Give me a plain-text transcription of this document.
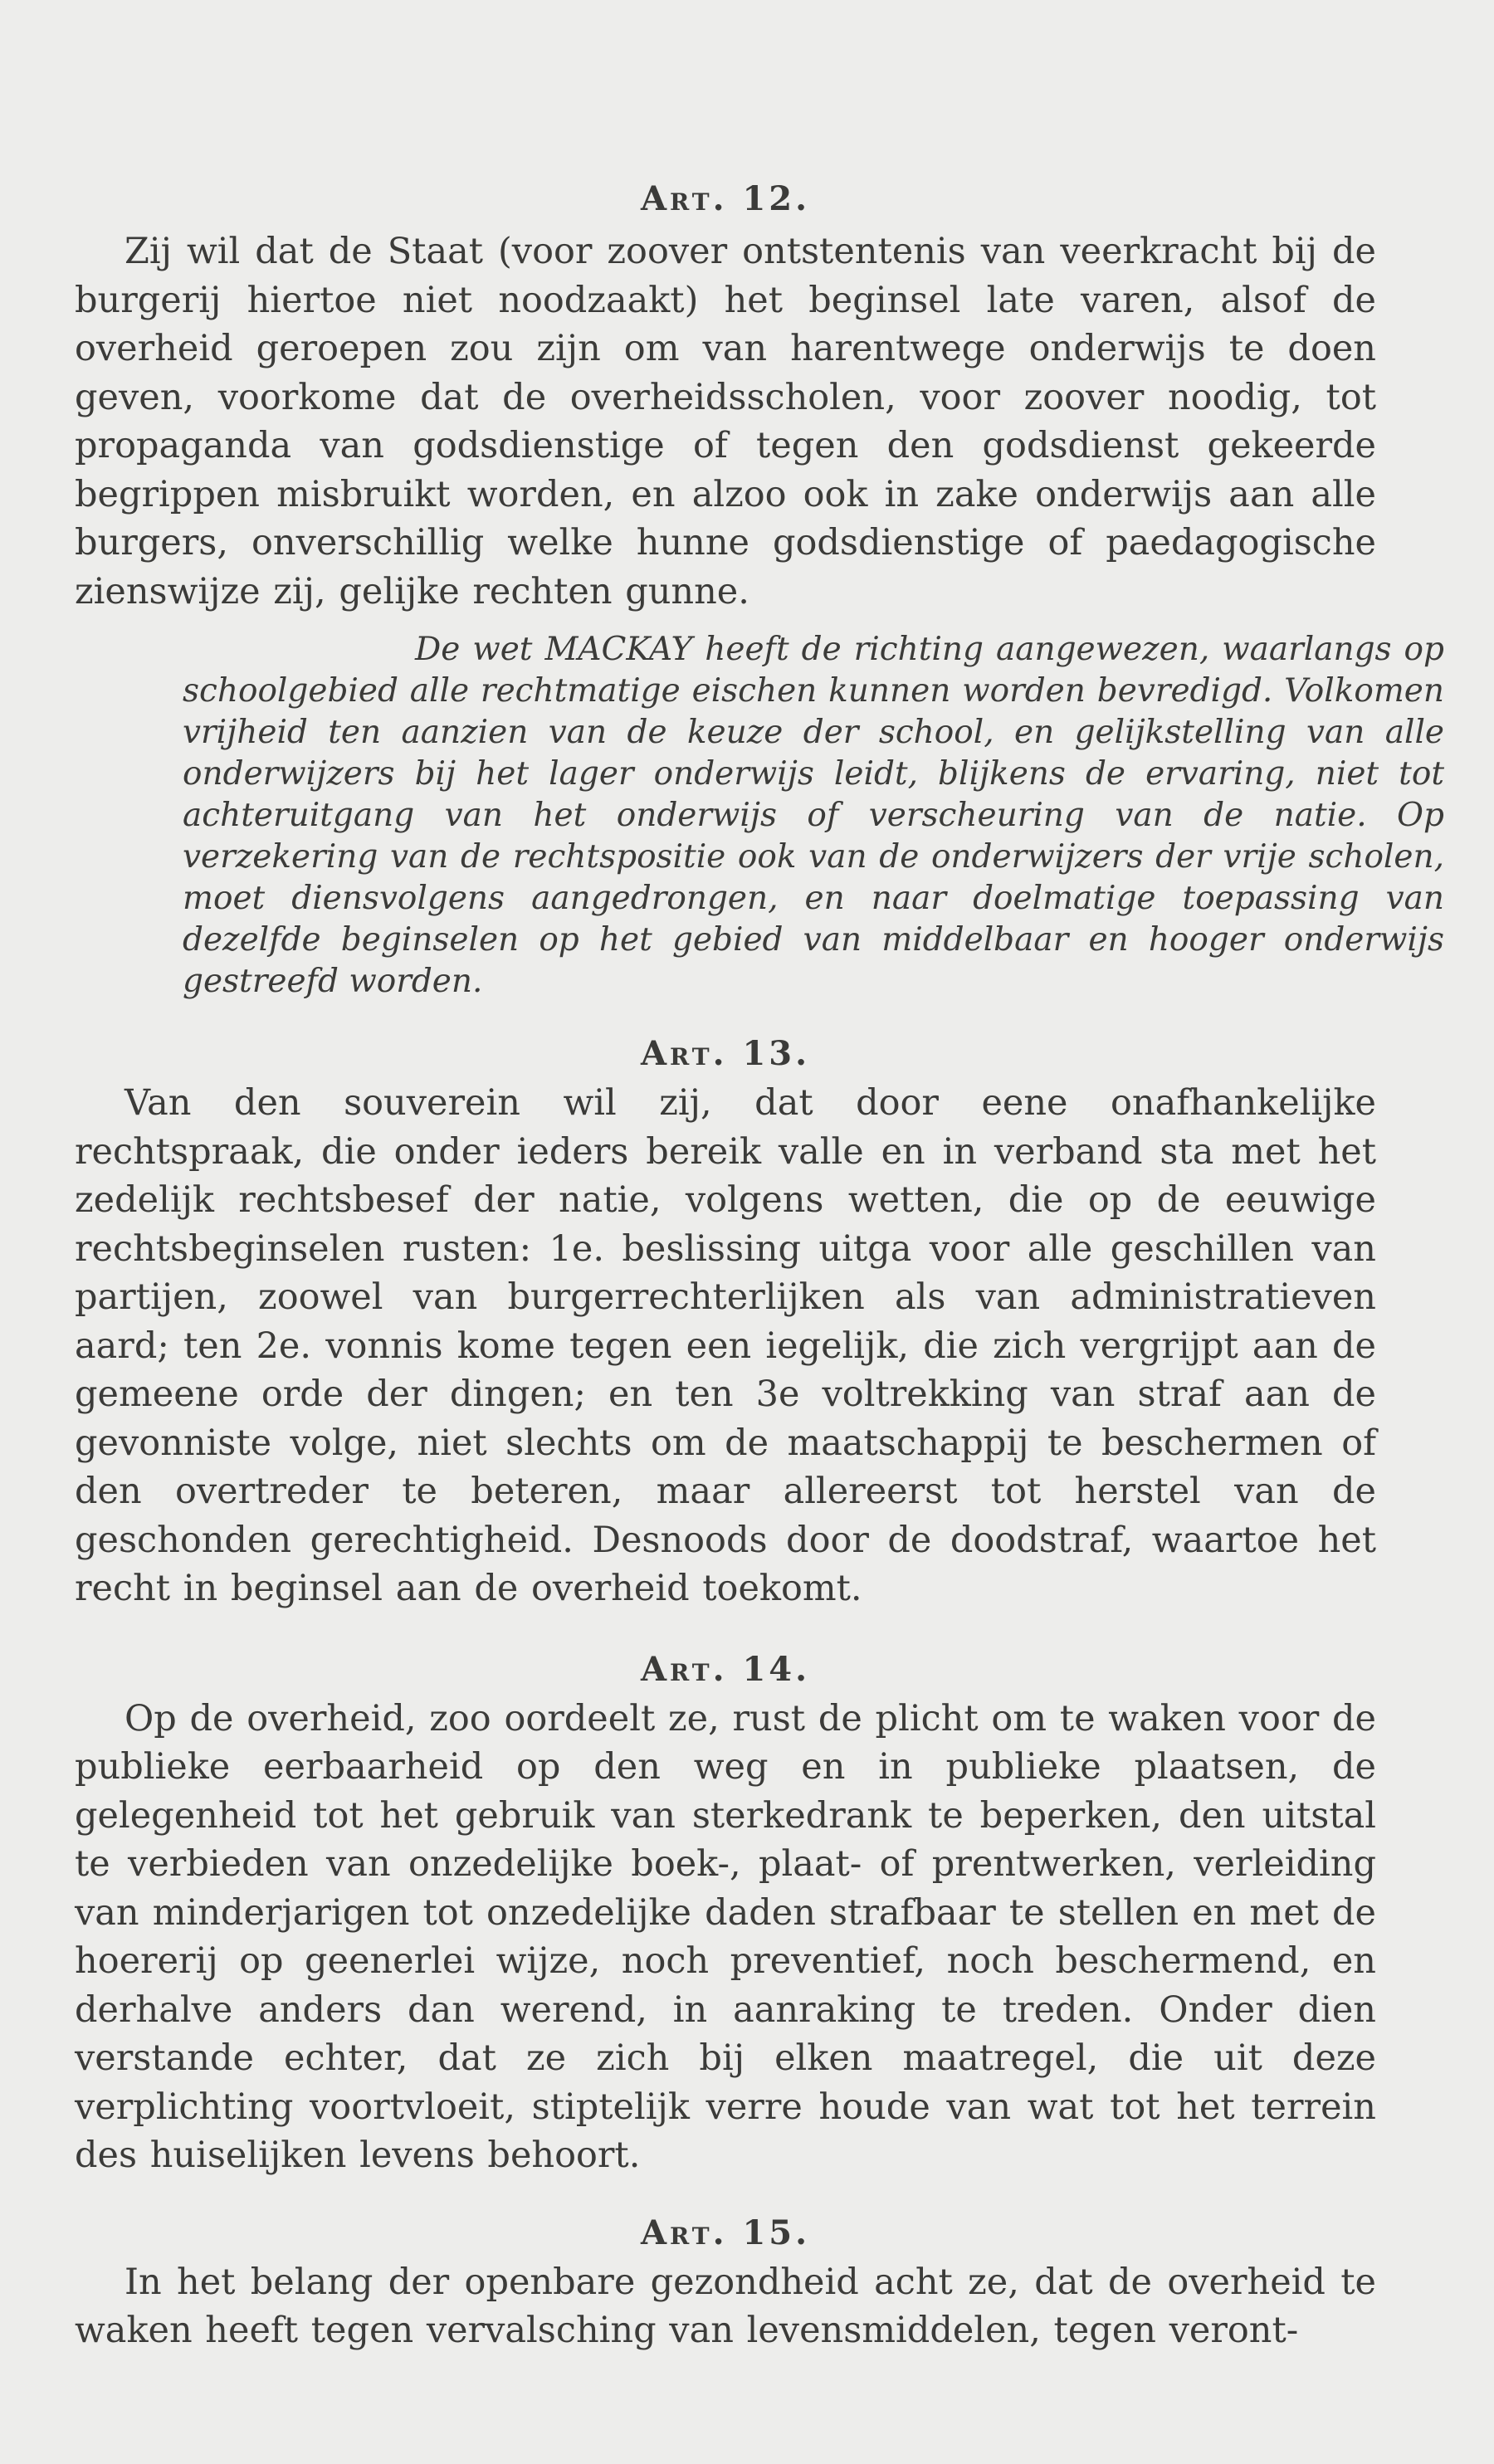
Art. 12.

Zij wil dat de Staat (voor zoover ontstentenis van veerkracht bij de burgerij hiertoe niet noodzaakt) het beginsel late varen, alsof de overheid geroepen zou zijn om van harentwege onderwijs te doen geven, voorkome dat de overheidsscholen, voor zoover noodig, tot propaganda van godsdienstige of tegen den godsdienst gekeerde begrippen misbruikt worden, en alzoo ook in zake onderwijs aan alle burgers, onverschillig welke hunne godsdienstige of paedagogische zienswijze zij, gelijke rechten gunne.

De wet MACKAY heeft de richting aangewezen, waarlangs op schoolgebied alle rechtmatige eischen kunnen worden bevredigd. Volkomen vrijheid ten aanzien van de keuze der school, en gelijkstelling van alle onderwijzers bij het lager onderwijs leidt, blijkens de ervaring, niet tot achteruitgang van het onderwijs of verscheuring van de natie. Op verzekering van de rechtspositie ook van de onderwijzers der vrije scholen, moet diensvolgens aangedrongen, en naar doelmatige toepassing van dezelfde beginselen op het gebied van middelbaar en hooger onderwijs gestreefd worden.

Art. 13.

Van den souverein wil zij, dat door eene onafhankelijke rechtspraak, die onder ieders bereik valle en in verband sta met het zedelijk rechtsbesef der natie, volgens wetten, die op de eeuwige rechtsbeginselen rusten: 1e. beslissing uitga voor alle geschillen van partijen, zoowel van burgerrechterlijken als van administratieven aard; ten 2e. vonnis kome tegen een iegelijk, die zich vergrijpt aan de gemeene orde der dingen; en ten 3e voltrekking van straf aan de gevonniste volge, niet slechts om de maatschappij te beschermen of den overtreder te beteren, maar allereerst tot herstel van de geschonden gerechtigheid. Desnoods door de doodstraf, waartoe het recht in beginsel aan de overheid toekomt.

Art. 14.

Op de overheid, zoo oordeelt ze, rust de plicht om te waken voor de publieke eerbaarheid op den weg en in publieke plaatsen, de gelegenheid tot het gebruik van sterkedrank te beperken, den uitstal te verbieden van onzedelijke boek-, plaat- of prentwerken, verleiding van minderjarigen tot onzedelijke daden strafbaar te stellen en met de hoererij op geenerlei wijze, noch preventief, noch beschermend, en derhalve anders dan werend, in aanraking te treden. Onder dien verstande echter, dat ze zich bij elken maatregel, die uit deze verplichting voortvloeit, stiptelijk verre houde van wat tot het terrein des huiselijken levens behoort.

Art. 15.

In het belang der openbare gezondheid acht ze, dat de overheid te waken heeft tegen vervalsching van levensmiddelen, tegen veront-
